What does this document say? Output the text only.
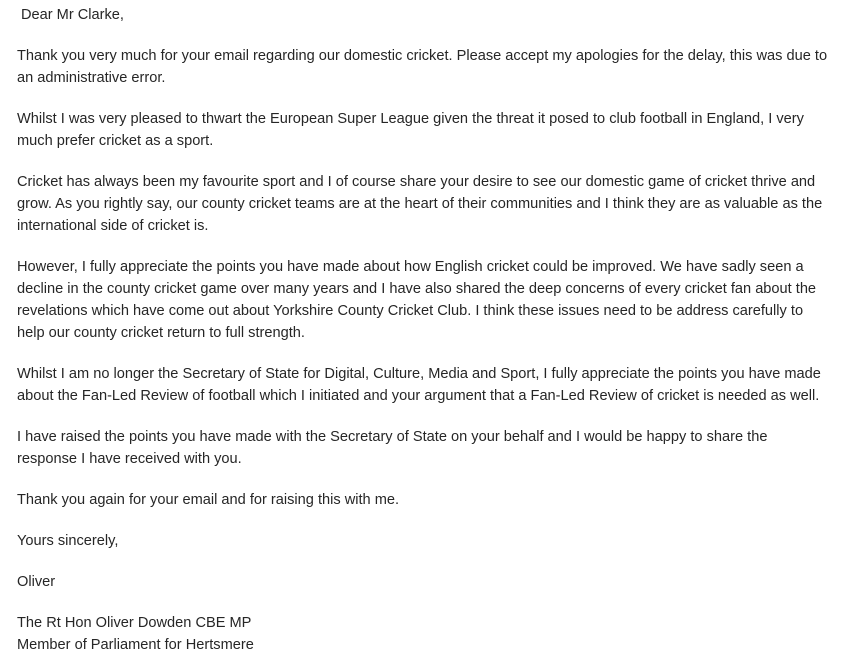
Dear Mr Clarke,

Thank you very much for your email regarding our domestic cricket. Please accept my apologies for the delay, this was due to an administrative error.

Whilst I was very pleased to thwart the European Super League given the threat it posed to club football in England, I very much prefer cricket as a sport.

Cricket has always been my favourite sport and I of course share your desire to see our domestic game of cricket thrive and grow. As you rightly say, our county cricket teams are at the heart of their communities and I think they are as valuable as the international side of cricket is.

However, I fully appreciate the points you have made about how English cricket could be improved. We have sadly seen a decline in the county cricket game over many years and I have also shared the deep concerns of every cricket fan about the revelations which have come out about Yorkshire County Cricket Club. I think these issues need to be address carefully to help our county cricket return to full strength.

Whilst I am no longer the Secretary of State for Digital, Culture, Media and Sport, I fully appreciate the points you have made about the Fan-Led Review of football which I initiated and your argument that a Fan-Led Review of cricket is needed as well.

I have raised the points you have made with the Secretary of State on your behalf and I would be happy to share the response I have received with you.

Thank you again for your email and for raising this with me.

Yours sincerely,

Oliver

The Rt Hon Oliver Dowden CBE MP
Member of Parliament for Hertsmere
